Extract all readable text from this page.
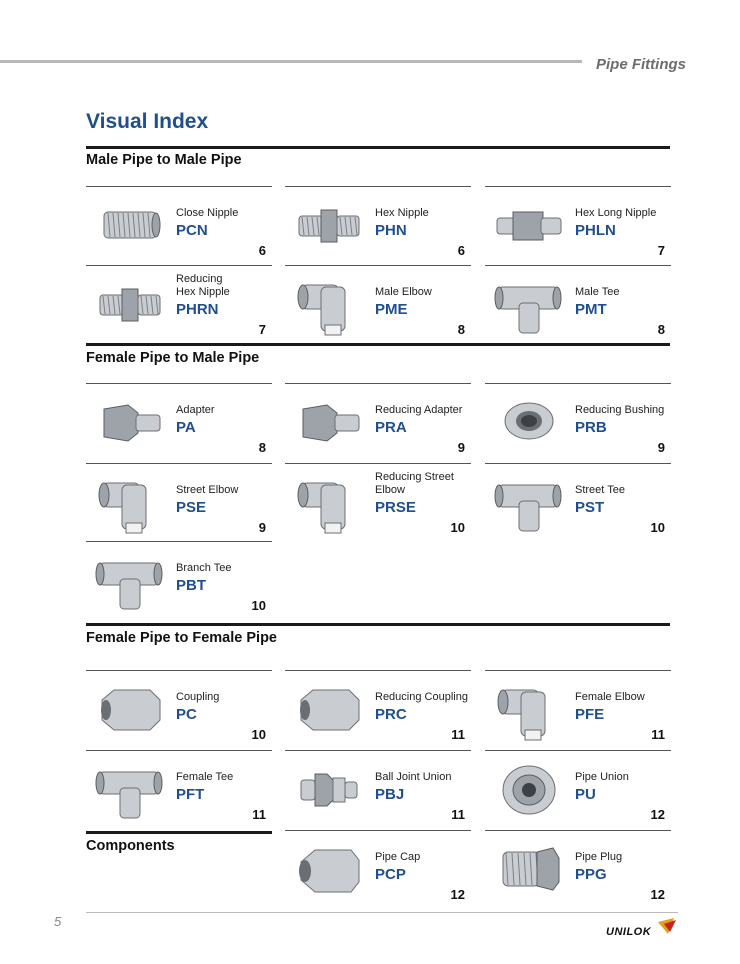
Pipe Fittings
Visual Index
Male Pipe to Male Pipe
Female Pipe to Male Pipe
Female Pipe to Female Pipe
Components
Close Nipple
PCN
6
Hex Nipple
PHN
6
Hex Long Nipple
PHLN
7
Reducing Hex Nipple
PHRN
7
Male Elbow
PME
8
Male Tee
PMT
8
Adapter
PA
8
Reducing Adapter
PRA
9
Reducing Bushing
PRB
9
Street Elbow
PSE
9
Reducing Street Elbow
PRSE
10
Street Tee
PST
10
Branch Tee
PBT
10
Coupling
PC
10
Reducing Coupling
PRC
11
Female Elbow
PFE
11
Female Tee
PFT
11
Ball Joint Union
PBJ
11
Pipe Union
PU
12
Pipe Cap
PCP
12
Pipe Plug
PPG
12
5
UNILOK
